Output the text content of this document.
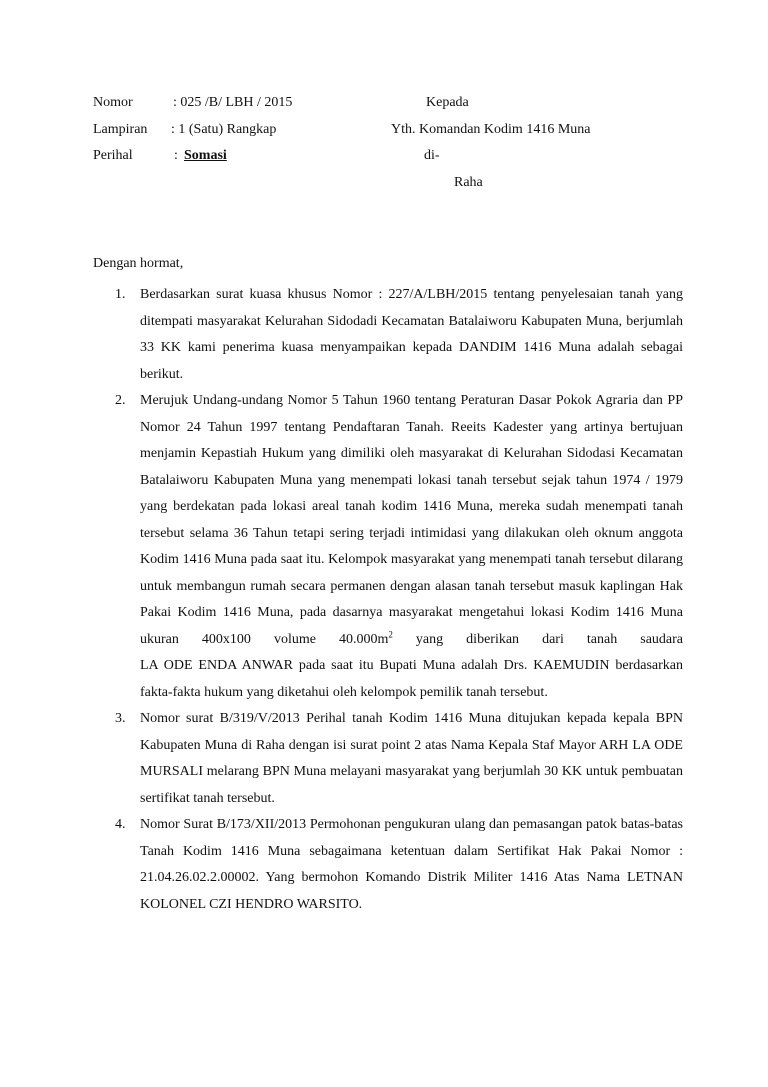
Nomor	: 025 /B/ LBH / 2015
Lampiran : 1 (Satu) Rangkap
Perihal	: Somasi
Kepada
Yth. Komandan Kodim 1416 Muna
di-
Raha
Dengan hormat,
1. Berdasarkan surat kuasa khusus Nomor : 227/A/LBH/2015 tentang penyelesaian tanah yang ditempati masyarakat Kelurahan Sidodadi Kecamatan Batalaiworu Kabupaten Muna, berjumlah 33 KK kami penerima kuasa menyampaikan kepada DANDIM 1416 Muna adalah sebagai berikut.

2. Merujuk Undang-undang Nomor 5 Tahun 1960 tentang Peraturan Dasar Pokok Agraria dan PP Nomor 24 Tahun 1997 tentang Pendaftaran Tanah. Reeits Kadester yang artinya bertujuan menjamin Kepastiah Hukum yang dimiliki oleh masyarakat di Kelurahan Sidodasi Kecamatan Batalaiworu Kabupaten Muna yang menempati lokasi tanah tersebut sejak tahun 1974 / 1979 yang berdekatan pada lokasi areal tanah kodim 1416 Muna, mereka sudah menempati tanah tersebut selama 36 Tahun tetapi sering terjadi intimidasi yang dilakukan oleh oknum anggota Kodim 1416 Muna pada saat itu. Kelompok masyarakat yang menempati tanah tersebut dilarang untuk membangun rumah secara permanen dengan alasan tanah tersebut masuk kaplingan Hak Pakai Kodim 1416 Muna, pada dasarnya masyarakat mengetahui lokasi Kodim 1416 Muna

ukuran 400x100 volume $40.000m^2$ yang diberikan dari tanah saudara

LA ODE ENDA ANWAR pada saat itu Bupati Muna adalah Drs. KAEMUDIN berdasarkan fakta-fakta hukum yang diketahui oleh kelompok pemilik tanah tersebut.

3. Nomor surat B/319/V/2013 Perihal tanah Kodim 1416 Muna ditujukan kepada kepala BPN Kabupaten Muna di Raha dengan isi surat point 2 atas Nama Kepala Staf Mayor ARH LA ODE MURSALI melarang BPN Muna melayani masyarakat yang berjumlah 30 KK untuk pembuatan sertifikat tanah tersebut.

4. Nomor Surat B/173/XII/2013 Permohonan pengukuran ulang dan pemasangan patok batas-batas Tanah Kodim 1416 Muna sebagaimana ketentuan dalam Sertifikat Hak Pakai Nomor : 21.04.26.02.2.00002. Yang bermohon Komando Distrik Militer 1416 Atas Nama LETNAN KOLONEL CZI HENDRO WARSITO.
